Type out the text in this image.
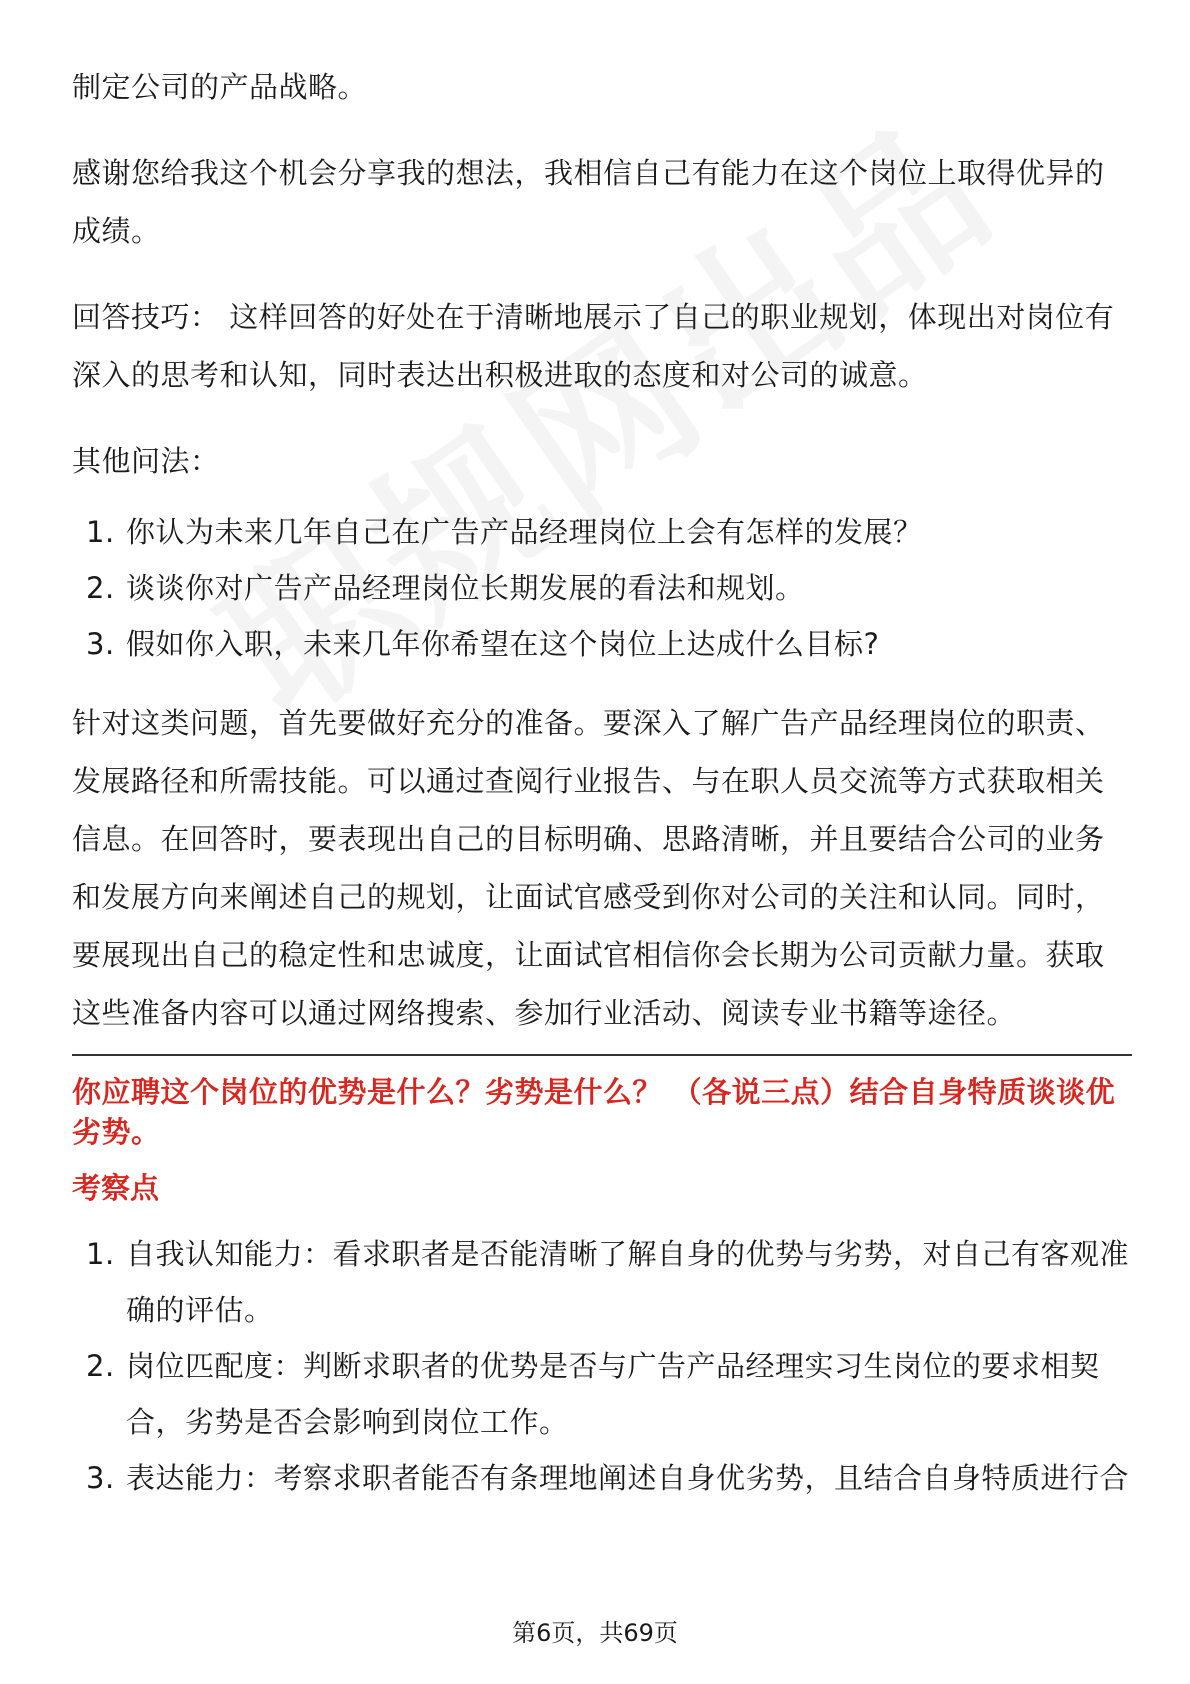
制定公司的产品战略。

感谢您给我这个机会分享我的想法，我相信自己有能力在这个岗位上取得优异的成绩。

回答技巧： 这样回答的好处在于清晰地展示了自己的职业规划，体现出对岗位有深入的思考和认知，同时表达出积极进取的态度和对公司的诚意。

其他问法：

1. 你认为未来几年自己在广告产品经理岗位上会有怎样的发展？
2. 谈谈你对广告产品经理岗位长期发展的看法和规划。
3. 假如你入职，未来几年你希望在这个岗位上达成什么目标?

针对这类问题，首先要做好充分的准备。要深入了解广告产品经理岗位的职责、发展路径和所需技能。可以通过查阅行业报告、与在职人员交流等方式获取相关信息。在回答时，要表现出自己的目标明确、思路清晰，并且要结合公司的业务和发展方向来阐述自己的规划，让面试官感受到你对公司的关注和认同。同时，要展现出自己的稳定性和忠诚度，让面试官相信你会长期为公司贡献力量。获取这些准备内容可以通过网络搜索、参加行业活动、阅读专业书籍等途径。

你应聘这个岗位的优势是什么？劣势是什么？ （各说三点）结合自身特质谈谈优劣势。
考察点
1. 自我认知能力：看求职者是否能清晰了解自身的优势与劣势，对自己有客观准确的评估。
2. 岗位匹配度：判断求职者的优势是否与广告产品经理实习生岗位的要求相契合，劣势是否会影响到岗位工作。
3. 表达能力：考察求职者能否有条理地阐述自身优劣势，且结合自身特质进行合
第6页，共69页
